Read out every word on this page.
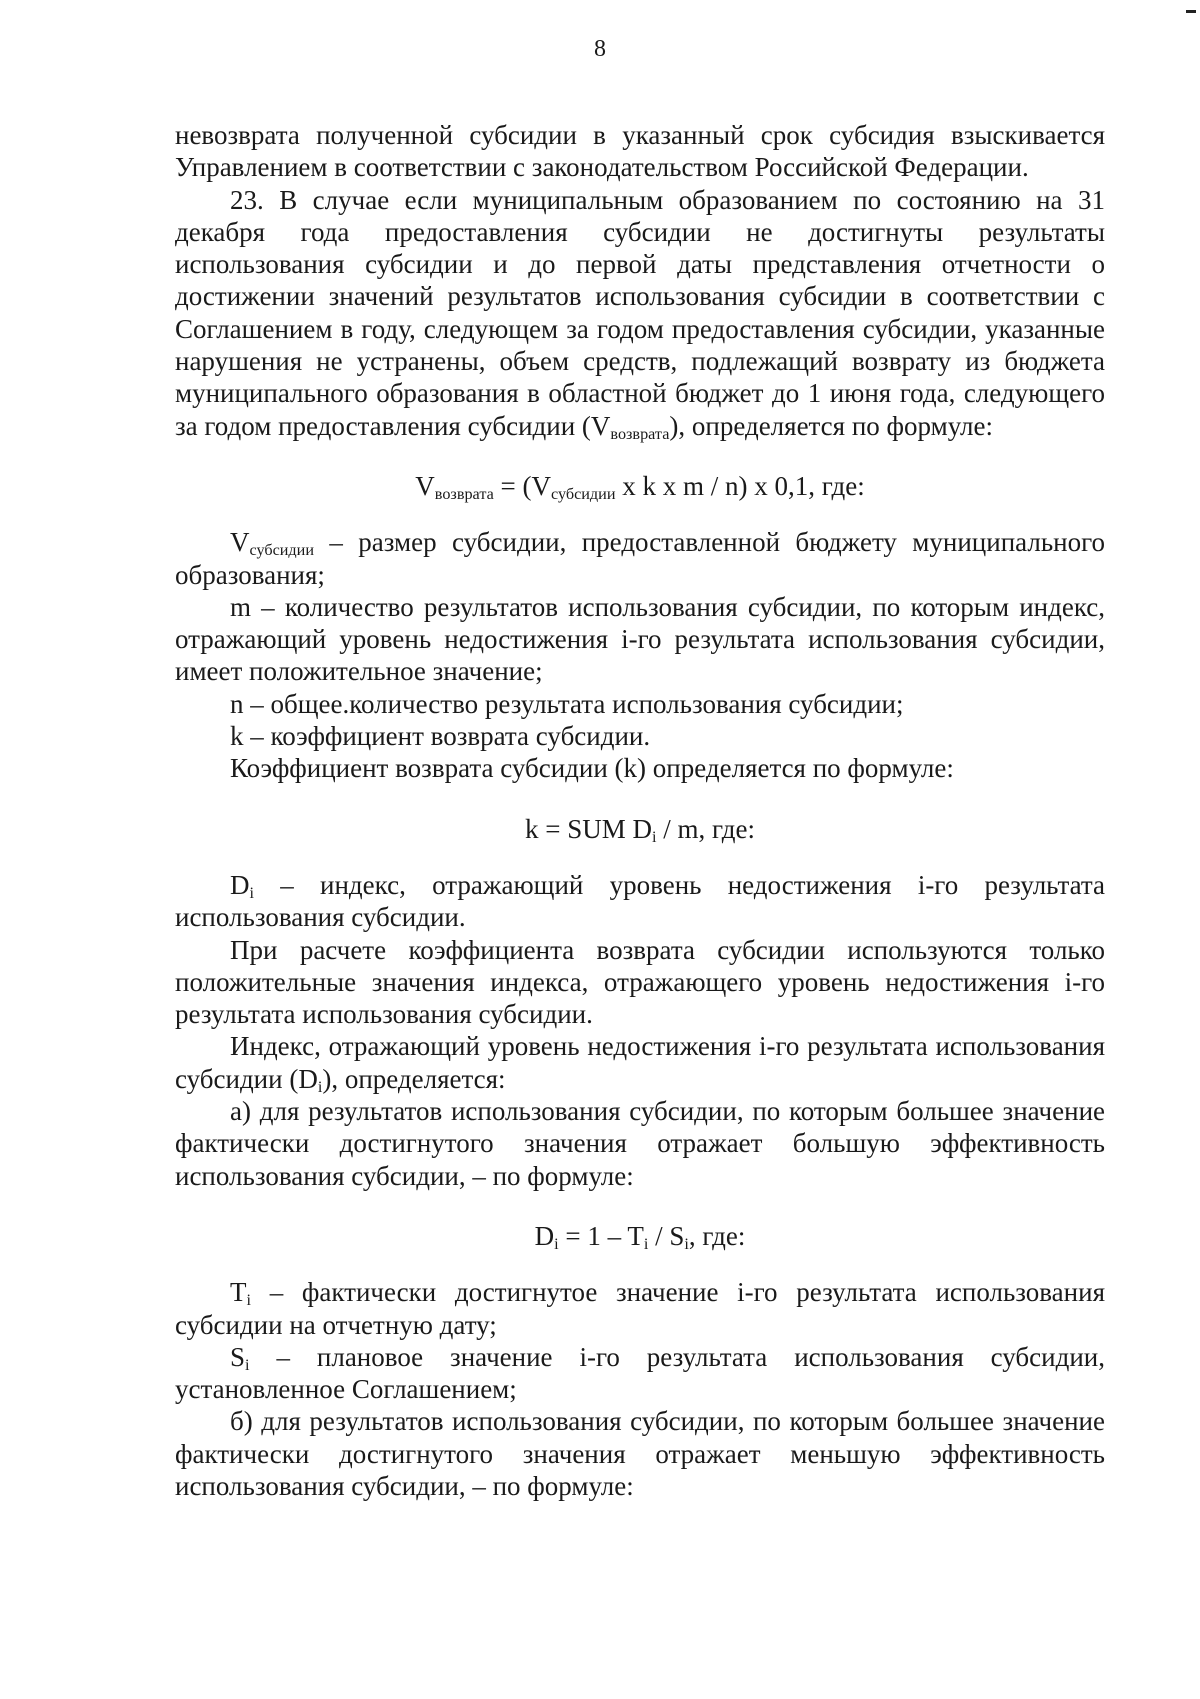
8

невозврата полученной субсидии в указанный срок субсидия взыскивается Управлением в соответствии с законодательством Российской Федерации.

23. В случае если муниципальным образованием по состоянию на 31 декабря года предоставления субсидии не достигнуты результаты использования субсидии и до первой даты представления отчетности о достижении значений результатов использования субсидии в соответствии с Соглашением в году, следующем за годом предоставления субсидии, указанные нарушения не устранены, объем средств, подлежащий возврату из бюджета муниципального образования в областной бюджет до 1 июня года, следующего за годом предоставления субсидии $(V_{возврата})$, определяется по формуле:

$V_{возврата} = (V_{субсидии}$ x k x m / n) x 0,1, где:

$V_{субсидии}$ – размер субсидии, предоставленной бюджету муниципального образования;

m – количество результатов использования субсидии, по которым индекс, отражающий уровень недостижения i-го результата использования субсидии, имеет положительное значение;

n – общее.количество результата использования субсидии;

k – коэффициент возврата субсидии.

Коэффициент возврата субсидии (k) определяется по формуле:

k = SUM $D_i$ / m, где:

$D_i$ – индекс, отражающий уровень недостижения i-го результата использования субсидии.

При расчете коэффициента возврата субсидии используются только положительные значения индекса, отражающего уровень недостижения i-го результата использования субсидии.

Индекс, отражающий уровень недостижения i-го результата использования субсидии $(D_i)$, определяется:

а) для результатов использования субсидии, по которым большее значение фактически достигнутого значения отражает большую эффективность использования субсидии, – по формуле:

$D_i = 1 - T_i / S_i$, где:

$T_i$ – фактически достигнутое значение i-го результата использования субсидии на отчетную дату;

$S_i$ – плановое значение i-го результата использования субсидии, установленное Соглашением;

б) для результатов использования субсидии, по которым большее значение фактически достигнутого значения отражает меньшую эффективность использования субсидии, – по формуле:
